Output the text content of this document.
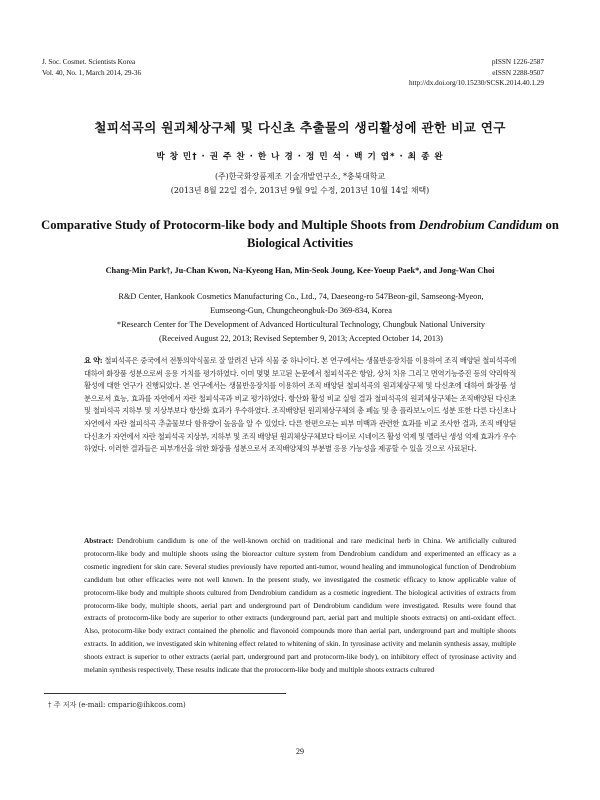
J. Soc. Cosmet. Scientists Korea
Vol. 40, No. 1, March 2014, 29-36
pISSN 1226-2587
eISSN 2288-9507
http://dx.doi.org/10.15230/SCSK.2014.40.1.29
철피석곡의 원괴체상구체 및 다신초 추출물의 생리활성에 관한 비교 연구
박 창 민† · 권 주 찬 · 한 나 경 · 정 민 석 · 백 기 엽* · 최 종 완
(주)한국화장품제조 기술개발연구소, *충북대학교
(2013년 8월 22일 접수, 2013년 9월 9일 수정, 2013년 10월 14일 채택)
Comparative Study of Protocorm-like body and Multiple Shoots from Dendrobium Candidum on Biological Activities
Chang-Min Park†, Ju-Chan Kwon, Na-Kyeong Han, Min-Seok Joung, Kee-Yoeup Paek*, and Jong-Wan Choi
R&D Center, Hankook Cosmetics Manufacturing Co., Ltd., 74, Daeseong-ro 547Beon-gil, Samseong-Myeon,
Eumseong-Gun, Chungcheongbuk-Do 369-834, Korea
*Research Center for The Development of Advanced Horticultural Technology, Chungbuk National University
(Received August 22, 2013; Revised September 9, 2013; Accepted October 14, 2013)
요 약: 철피석곡은 중국에서 전통의약식물로 잘 알려진 난과 식물 중 하나이다. 본 연구에서는 생물반응장치를 이용하여 조직 배양된 철피석곡에 대하여 화장품 성분으로써 응용 가치를 평가하였다. 이미 몇몇 보고된 논문에서 철피석곡은 항암, 상처 치유 그리고 면역기능증진 등의 약리학적 활성에 대한 연구가 진행되었다. 본 연구에서는 생물반응장치를 이용하여 조직 배양된 철피석곡의 원괴체상구체 및 다신초에 대하여 화장품 성분으로서 효능, 효과를 자연에서 자란 철피석곡과 비교 평가하였다. 항산화 활성 비교 실험 결과 철피석곡의 원괴체상구체는 조직배양된 다신초 및 철피석곡 지하부 및 지상부보다 항산화 효과가 우수하였다. 조직배양된 원괴체상구체의 총 페놀 및 총 플라보노이드 성분 또한 다른 다신초나 자연에서 자란 철피석곡 추출물보다 함유량이 높음을 알 수 있었다. 다른 한편으로는 피부 미백과 관련한 효과를 비교 조사한 결과, 조직 배양된 다신초가 자연에서 자란 철피석곡 지상부, 지하부 및 조직 배양된 원괴체상구체보다 타이로 시네이즈 활성 억제 및 멜라닌 생성 억제 효과가 우수하였다. 이러한 결과들은 피부개선을 위한 화장품 성분으로서 조직배양체의 부분별 응용 가능성을 제공할 수 있을 것으로 사료된다.
Abstract: Dendrobium candidum is one of the well-known orchid on traditional and rare medicinal herb in China. We artificially cultured protocorm-like body and multiple shoots using the bioreactor culture system from Dendrobium candidum and experimented an efficacy as a cosmetic ingredient for skin care. Several studies previously have reported anti-tumor, wound healing and immunological function of Dendrobium candidum but other efficacies were not well known. In the present study, we investigated the cosmetic efficacy to know applicable value of protocorm-like body and multiple shoots cultured from Dendrobium candidum as a cosmetic ingredient. The biological activities of extracts from protocorm-like body, multiple shoots, aerial part and underground part of Dendrobium candidum were investigated. Results were found that extracts of protocorm-like body are superior to other extracts (underground part, aerial part and multiple shoots extracts) on anti-oxidant effect. Also, protocorm-like body extract contained the phenolic and flavonoid compounds more than aerial part, underground part and multiple shoots extracts. In addition, we investigated skin whitening effect related to whitening of skin. In tyrosinase activity and melanin synthesis assay, multiple shoots extract is superior to other extracts (aerial part, underground part and protocorm-like body), on inhibitory effect of tyrosinase activity and melanin synthesis respectively. These results indicate that the protocorm-like body and multiple shoots extracts cultured
† 주 저자 (e-mail: cmparic@ihkcos.com)
29
